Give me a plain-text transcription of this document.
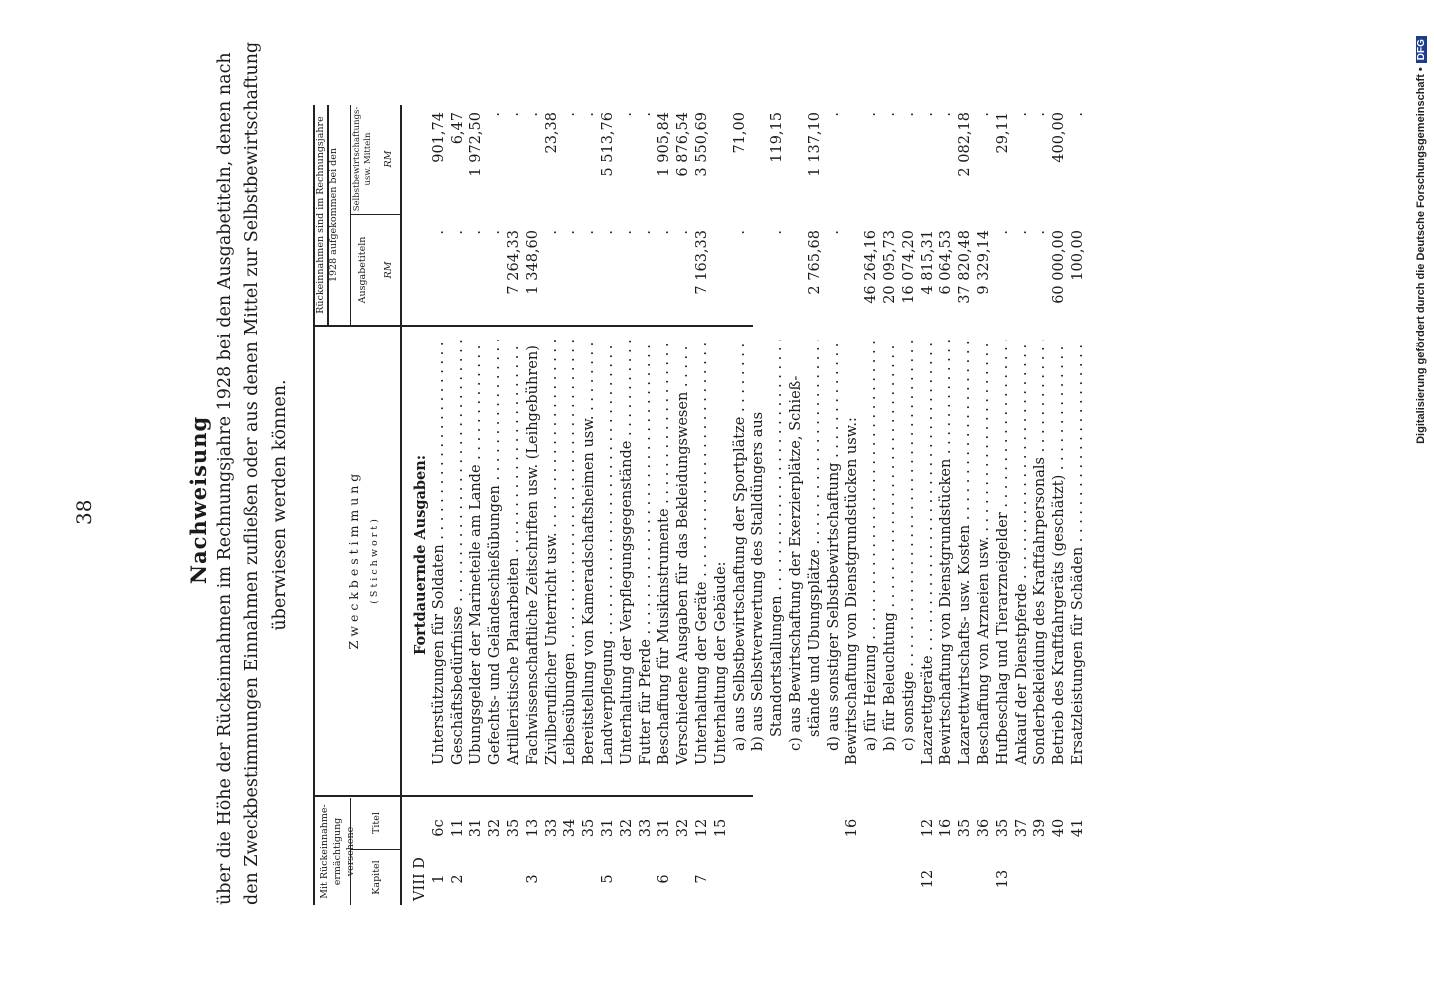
38	Nachweisung über die Höhe der Rückeinnahmen im Rechnungsjahre 1928 bei den Ausgabetiteln, denen nach den Zweckbestimmungen Einnahmen zufließen oder aus denen Mittel zur Selbstbewirtschaftung überwiesen werden können.
Mit Rückeinnahme-ermächtigung versehene
Kapitel
Titel
Z w e c k b e s t i m m u n g ( S t i c h w o r t )
Rückeinnahmen sind im Rechnungsjahre 1928 aufgekommen bei den Ausgabetiteln
Selbstbewirtschaftungs- usw. Mitteln
RM
RM
VIII D
Fortdauernde Ausgaben:
1
6c
Unterstützungen für Soldaten . . .
.
901,74
2
11
Geschäftsbedürfnisse . . .
.
6,47
31
Übungsgelder der Marineteile am Lande . . .
.
1 972,50
32
Gefechts- und Geländeschießübungen . . .
.
.
35
Artilleristische Planarbeiten . . .
7 264,33
.
3
13
Fachwissenschaftliche Zeitschriften usw. (Leihgebühren) . . .
1 348,60
.
33
Zivilberuflicher Unterricht usw. . . .
.
23,38
34
Leibesübungen . . .
.
.
35
Bereitstellung von Kameradschaftsheimen usw. . . .
.
.
5
31
Landverpflegung . . .
.
5 513,76
32
Unterhaltung der Verpflegungsgegenstände . . .
.
.
33
Futter für Pferde . . .
.
.
6
31
Beschaffung für Musikinstrumente . . .
.
1 905,84
32
Verschiedene Ausgaben für das Bekleidungswesen . . .
.
6 876,54
7
12
Unterhaltung der Geräte . . .
7 163,33
3 550,69
15
Unterhaltung der Gebäude: a) aus Selbstbewirtschaftung der Sportplätze . . .
.
71,00
b) aus Selbstverwertung des Stalldüngers aus Standortstallungen . . .
.
119,15
c) aus Bewirtschaftung der Exerzierplätze, Schieß- stände und Übungsplätze . . .
2 765,68
1 137,10
d) aus sonstiger Selbstbewirtschaftung . . .
.
.
16
Bewirtschaftung von Dienstgrundstücken usw.: a) für Heizung . . .
46 264,16
.
b) für Beleuchtung . . .
20 095,73
.
c) sonstige . . .
16 074,20
.
12
12
Lazarettgeräte . . .
4 815,31
.
16
Bewirtschaftung von Dienstgrundstücken . . .
6 064,53
.
35
Lazarettwirtschafts- usw. Kosten . . .
37 820,48
2 082,18
36
Beschaffung von Arzneien usw. . . .
9 329,14
.
13
35
Hufbeschlag und Tierarzneigelder . . .
.
29,11
37
Ankauf der Dienstpferde . . .
.
.
39
Sonderbekleidung des Kraftfahrpersonals . . .
.
.
40
Betrieb des Kraftfahrgeräts (geschätzt) . . .
60 000,00
400,00
41
Ersatzleistungen für Schäden . . .
100,00
.	Digitalisierung gefördert durch die Deutsche Forschungsgemeinschaft •
DFG
